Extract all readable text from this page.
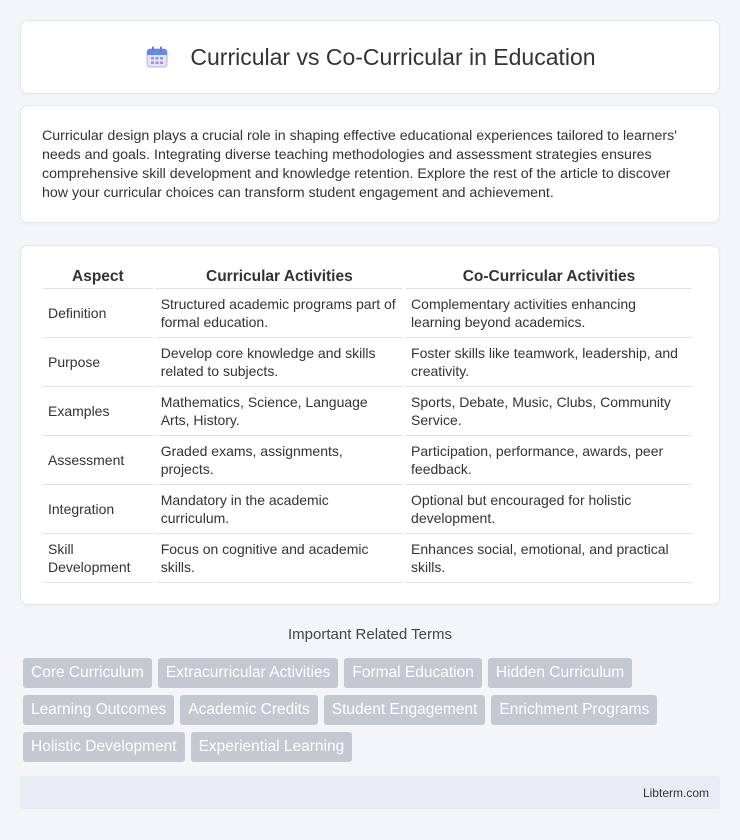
Curricular vs Co-Curricular in Education

Curricular design plays a crucial role in shaping effective educational experiences tailored to learners' needs and goals. Integrating diverse teaching methodologies and assessment strategies ensures comprehensive skill development and knowledge retention. Explore the rest of the article to discover how your curricular choices can transform student engagement and achievement.

Aspect	Curricular Activities	Co-Curricular Activities
Definition	Structured academic programs part of formal education.	Complementary activities enhancing learning beyond academics.
Purpose	Develop core knowledge and skills related to subjects.	Foster skills like teamwork, leadership, and creativity.
Examples	Mathematics, Science, Language Arts, History.	Sports, Debate, Music, Clubs, Community Service.
Assessment	Graded exams, assignments, projects.	Participation, performance, awards, peer feedback.
Integration	Mandatory in the academic curriculum.	Optional but encouraged for holistic development.
Skill Development	Focus on cognitive and academic skills.	Enhances social, emotional, and practical skills.
Important Related Terms
Core Curriculum	Extracurricular Activities	Formal Education	Hidden Curriculum
Learning Outcomes	Academic Credits	Student Engagement	Enrichment Programs
Holistic Development	Experiential Learning
Libterm.com
